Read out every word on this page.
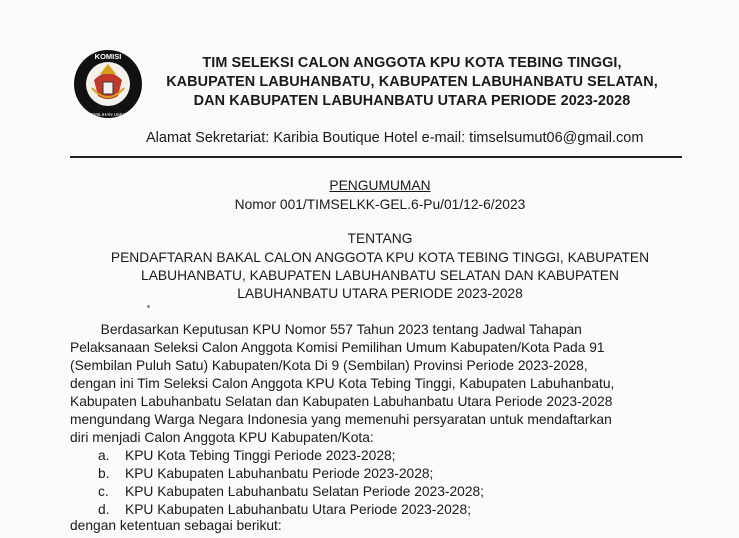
KOMISI
PEMILIHAN UMUM
TIM SELEKSI CALON ANGGOTA KPU KOTA TEBING TINGGI,
KABUPATEN LABUHANBATU, KABUPATEN LABUHANBATU SELATAN,
DAN KABUPATEN LABUHANBATU UTARA PERIODE 2023-2028
Alamat Sekretariat: Karibia Boutique Hotel e-mail: timselsumut06@gmail.com
PENGUMUMAN
Nomor 001/TIMSELKK-GEL.6-Pu/01/12-6/2023
TENTANG
PENDAFTARAN BAKAL CALON ANGGOTA KPU KOTA TEBING TINGGI, KABUPATEN
LABUHANBATU, KABUPATEN LABUHANBATU SELATAN DAN KABUPATEN
LABUHANBATU UTARA PERIODE 2023-2028
Berdasarkan Keputusan KPU Nomor 557 Tahun 2023 tentang Jadwal Tahapan
Pelaksanaan Seleksi Calon Anggota Komisi Pemilihan Umum Kabupaten/Kota Pada 91
(Sembilan Puluh Satu) Kabupaten/Kota Di 9 (Sembilan) Provinsi Periode 2023-2028,
dengan ini Tim Seleksi Calon Anggota KPU Kota Tebing Tinggi, Kabupaten Labuhanbatu,
Kabupaten Labuhanbatu Selatan dan Kabupaten Labuhanbatu Utara Periode 2023-2028
mengundang Warga Negara Indonesia yang memenuhi persyaratan untuk mendaftarkan
diri menjadi Calon Anggota KPU Kabupaten/Kota:
a. KPU Kota Tebing Tinggi Periode 2023-2028;
b. KPU Kabupaten Labuhanbatu Periode 2023-2028;
c. KPU Kabupaten Labuhanbatu Selatan Periode 2023-2028;
d. KPU Kabupaten Labuhanbatu Utara Periode 2023-2028;
dengan ketentuan sebagai berikut:
